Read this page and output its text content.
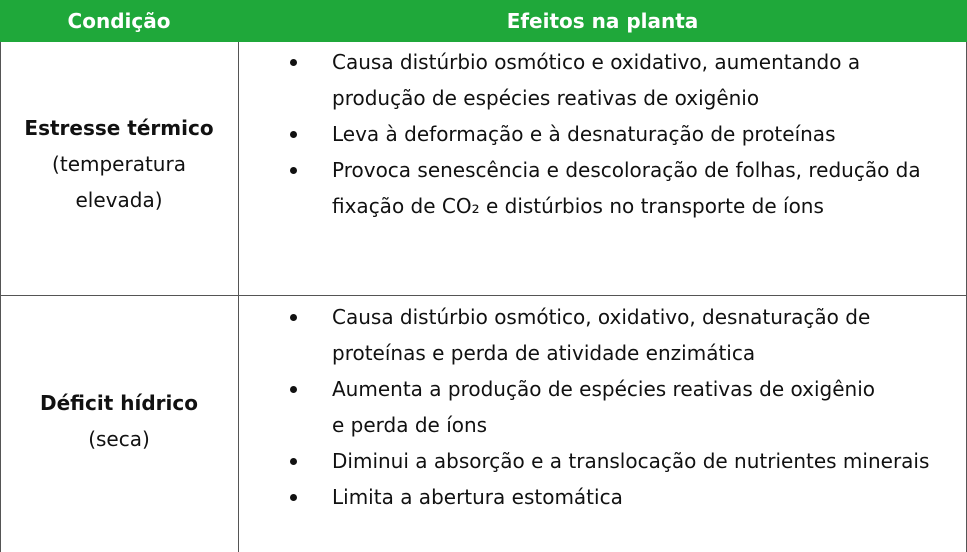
Condição	Efeitos na planta
Estresse térmico
(temperatura elevada)
Causa distúrbio osmótico e oxidativo, aumentando a produção de espécies reativas de oxigênio
Leva à deformação e à desnaturação de proteínas
Provoca senescência e descoloração de folhas, redução da fixação de CO₂ e distúrbios no transporte de íons
Déficit hídrico
(seca)
Causa distúrbio osmótico, oxidativo, desnaturação de proteínas e perda de atividade enzimática
Aumenta a produção de espécies reativas de oxigênio e perda de íons
Diminui a absorção e a translocação de nutrientes minerais
Limita a abertura estomática
